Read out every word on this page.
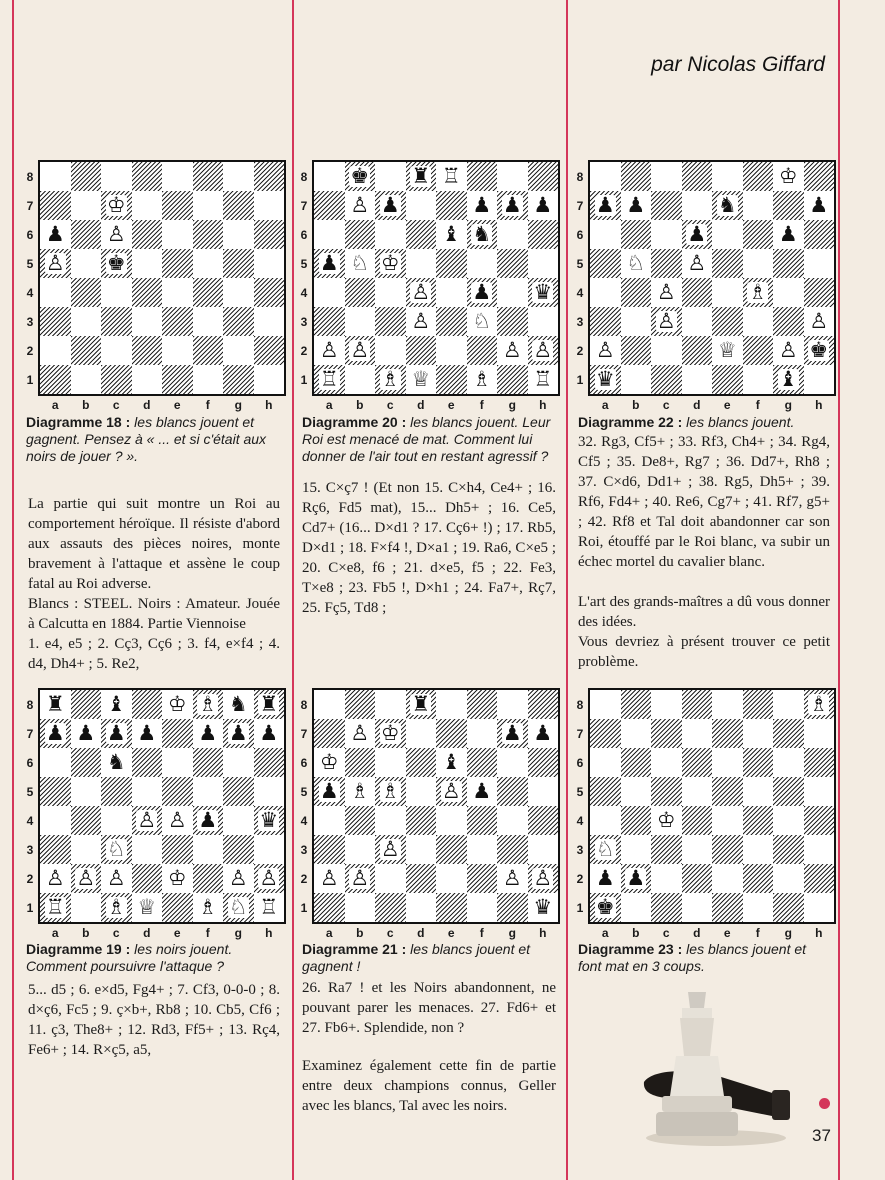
par Nicolas Giffard
8
7
6
5
4
3
2
1
♔
♟ ♙
♙ ♚
a b c d e	f	g h
8
7
6
5
4
3
2
1
♚ ♜ ♖
♙ ♟	♟ ♟ ♟
♝ ♞
♟ ♘ ♔
♙ ♟ ♛
♙ ♘
♙ ♙	♙ ♙
♖ ♗ ♕ ♗ ♖
a b c d e	f	g h
8
7
6
5
4
3
2
1
♔
♟ ♟	♞	♟
♟	♟
♘ ♙
♙	♗
♙	♙
♙	♕ ♙ ♚
♛	♝
a b c d e	f	g h
8
7
6
5
4
3
2
1
♜ ♝ ♔ ♗ ♞ ♜
♟ ♟ ♟ ♟ ♟ ♟ ♟
♞
♙ ♙ ♟ ♛
♘
♙ ♙ ♙ ♔ ♙ ♙
♖ ♗ ♕ ♗ ♘ ♖
a b c d e	f	g h
8
7
6
5
4
3
2
1
♜
♙ ♔	♟ ♟
♔	♝
♟ ♗ ♗ ♙ ♟
♙
♙ ♙	♙ ♙
♛
a b c d e	f	g h
8
7
6
5
4
3
2
1
♗
♔
♘
♟ ♟
♚
a b c d e	f	g h
Diagramme 18 : les blancs jouent et gagnent. Pensez à « ... et si c'était aux noirs de jouer ? ».
Diagramme 20 : les blancs jouent. Leur Roi est menacé de mat. Comment lui donner de l'air tout en restant agressif ?
Diagramme 22 : les blancs jouent.
Diagramme 19 : les noirs jouent. Comment poursuivre l'attaque ?
Diagramme 21 : les blancs jouent et gagnent !
Diagramme 23 : les blancs jouent et font mat en 3 coups.

La partie qui suit montre un Roi au comportement héroïque. Il résiste d'abord aux assauts des pièces noires, monte bravement à l'attaque et assène le coup fatal au Roi adverse.

Blancs : STEEL. Noirs : Amateur. Jouée à Calcutta en 1884. Partie Viennoise

1. e4, e5 ; 2. Cç3, Cç6 ; 3. f4, e×f4 ; 4. d4, Dh4+ ; 5. Re2,

5... d5 ; 6. e×d5, Fg4+ ; 7. Cf3, 0-0-0 ; 8. d×ç6, Fc5 ; 9. ç×b+, Rb8 ; 10. Cb5, Cf6 ; 11. ç3, The8+ ; 12. Rd3, Ff5+ ; 13. Rç4, Fe6+ ; 14. R×ç5, a5,

15. C×ç7 ! (Et non 15. C×h4, Ce4+ ; 16. Rç6, Fd5 mat), 15... Dh5+ ; 16. Ce5, Cd7+ (16... D×d1 ? 17. Cç6+ !) ; 17. Rb5, D×d1 ; 18. F×f4 !, D×a1 ; 19. Ra6, C×e5 ; 20. C×e8, f6 ; 21. d×e5, f5 ; 22. Fe3, T×e8 ; 23. Fb5 !, D×h1 ; 24. Fa7+, Rç7, 25. Fç5, Td8 ;

26. Ra7 ! et les Noirs abandonnent, ne pouvant parer les menaces. 27. Fd6+ et 27. Fb6+. Splendide, non ?

Examinez également cette fin de partie entre deux champions connus, Geller avec les blancs, Tal avec les noirs.

32. Rg3, Cf5+ ; 33. Rf3, Ch4+ ; 34. Rg4, Cf5 ; 35. De8+, Rg7 ; 36. Dd7+, Rh8 ; 37. C×d6, Dd1+ ; 38. Rg5, Dh5+ ; 39. Rf6, Fd4+ ; 40. Re6, Cg7+ ; 41. Rf7, g5+ ; 42. Rf8 et Tal doit abandonner car son Roi, étouffé par le Roi blanc, va subir un échec mortel du cavalier blanc.

L'art des grands-maîtres a dû vous donner des idées.

Vous devriez à présent trouver ce petit problème.

37
